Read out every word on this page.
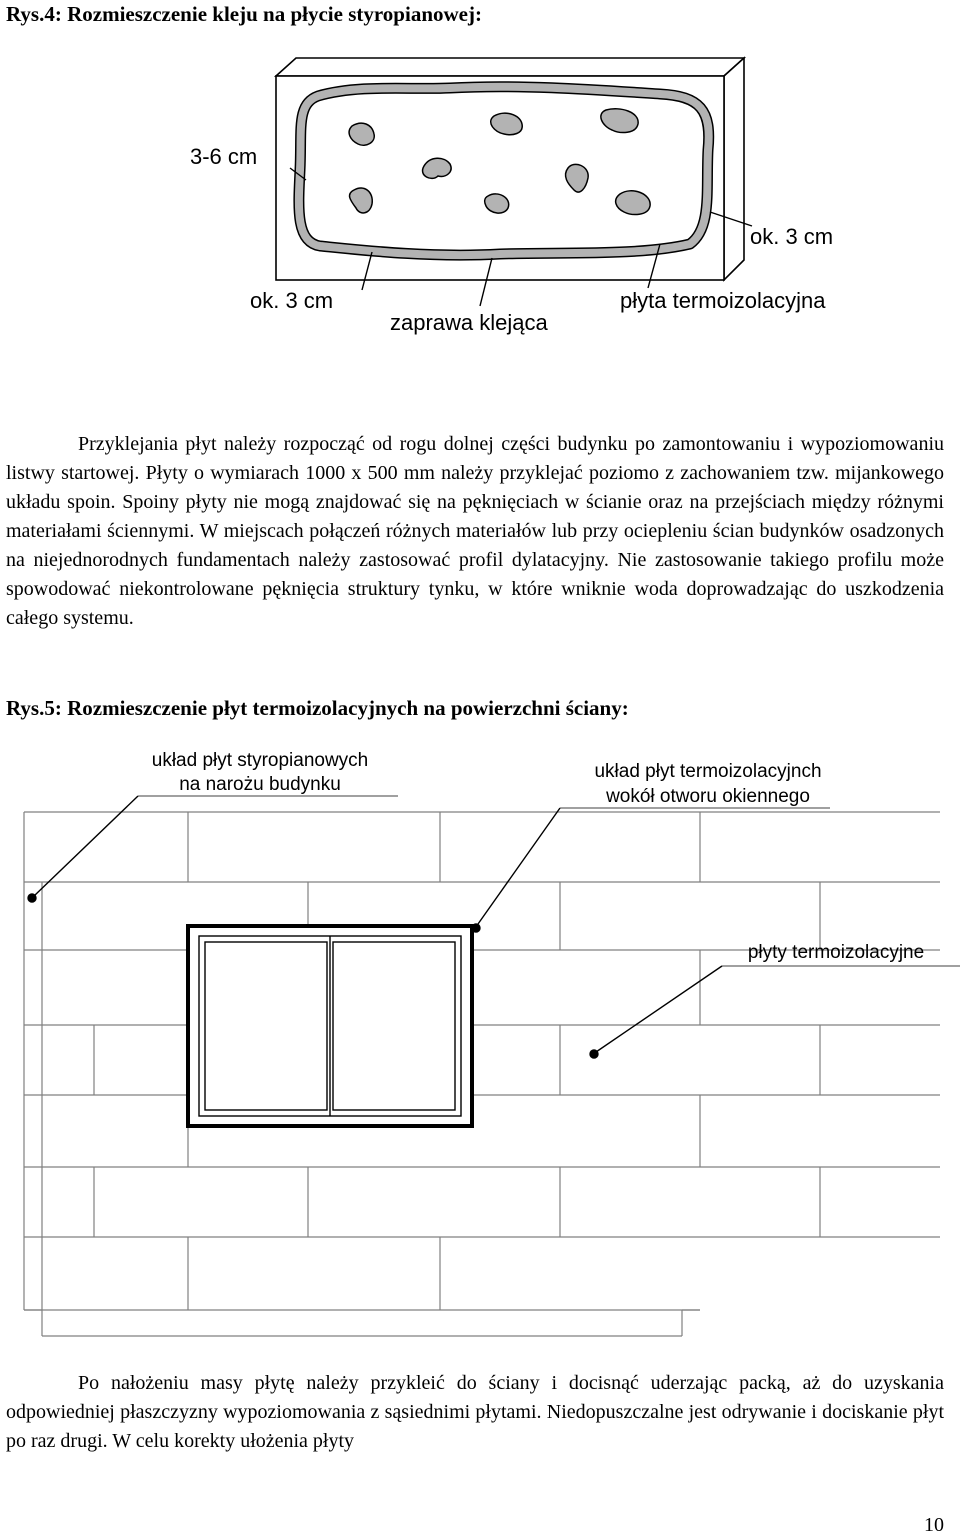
Rys.4: Rozmieszczenie kleju na płycie styropianowej:
3-6 cm
ok. 3 cm
ok. 3 cm
zaprawa klejąca
płyta termoizolacyjna
Przyklejania płyt należy rozpocząć od rogu dolnej części budynku po zamontowaniu i wypoziomowaniu listwy startowej. Płyty o wymiarach 1000 x 500 mm należy przyklejać poziomo z zachowaniem tzw. mijankowego układu spoin. Spoiny płyty nie mogą znajdować się na pęknięciach w ścianie oraz na przejściach między różnymi materiałami ściennymi. W miejscach połączeń różnych materiałów lub przy ociepleniu ścian budynków osadzonych na niejednorodnych fundamentach należy zastosować profil dylatacyjny. Nie zastosowanie takiego profilu może spowodować niekontrolowane pęknięcia struktury tynku, w które wniknie woda doprowadzając do uszkodzenia całego systemu.
Rys.5: Rozmieszczenie płyt termoizolacyjnych na powierzchni ściany:
układ płyt styropianowych
na narożu budynku
układ płyt termoizolacyjnch
wokół otworu okiennego
płyty termoizolacyjne
Po nałożeniu masy płytę należy przykleić do ściany i docisnąć uderzając packą, aż do uzyskania odpowiedniej płaszczyzny wypoziomowania z sąsiednimi płytami. Niedopuszczalne jest odrywanie i dociskanie płyt po raz drugi. W celu korekty ułożenia płyty
10
